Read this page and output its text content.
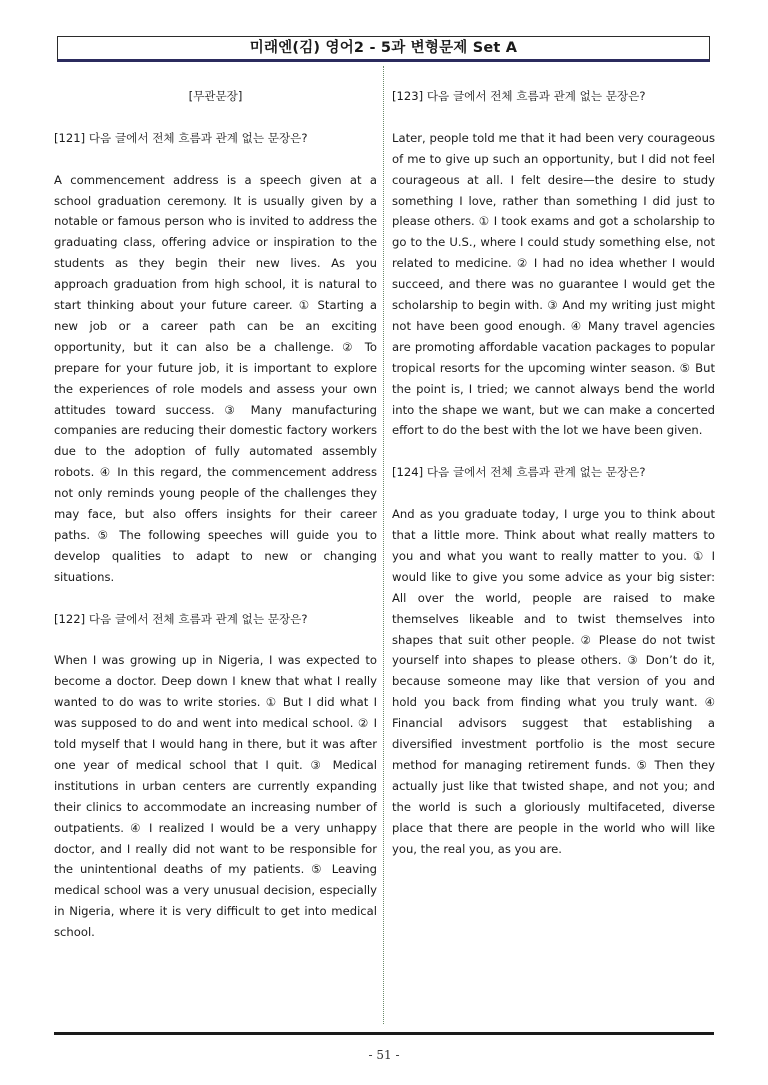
미래엔(김) 영어2 - 5과 변형문제 Set A
[무관문장]
[121] 다음 글에서 전체 흐름과 관계 없는 문장은?
A commencement address is a speech given at a school graduation ceremony. It is usually given by a notable or famous person who is invited to address the graduating class, offering advice or inspiration to the students as they begin their new lives. As you approach graduation from high school, it is natural to start thinking about your future career. ① Starting a new job or a career path can be an exciting opportunity, but it can also be a challenge. ② To prepare for your future job, it is important to explore the experiences of role models and assess your own attitudes toward success. ③ Many manufacturing companies are reducing their domestic factory workers due to the adoption of fully automated assembly robots. ④ In this regard, the commencement address not only reminds young people of the challenges they may face, but also offers insights for their career paths. ⑤ The following speeches will guide you to develop qualities to adapt to new or changing situations.
[122] 다음 글에서 전체 흐름과 관계 없는 문장은?
When I was growing up in Nigeria, I was expected to become a doctor. Deep down I knew that what I really wanted to do was to write stories. ① But I did what I was supposed to do and went into medical school. ② I told myself that I would hang in there, but it was after one year of medical school that I quit. ③ Medical institutions in urban centers are currently expanding their clinics to accommodate an increasing number of outpatients. ④ I realized I would be a very unhappy doctor, and I really did not want to be responsible for the unintentional deaths of my patients. ⑤ Leaving medical school was a very unusual decision, especially in Nigeria, where it is very difficult to get into medical school.
[123] 다음 글에서 전체 흐름과 관계 없는 문장은?
Later, people told me that it had been very courageous of me to give up such an opportunity, but I did not feel courageous at all. I felt desire—the desire to study something I love, rather than something I did just to please others. ① I took exams and got a scholarship to go to the U.S., where I could study something else, not related to medicine. ② I had no idea whether I would succeed, and there was no guarantee I would get the scholarship to begin with. ③ And my writing just might not have been good enough. ④ Many travel agencies are promoting affordable vacation packages to popular tropical resorts for the upcoming winter season. ⑤ But the point is, I tried; we cannot always bend the world into the shape we want, but we can make a concerted effort to do the best with the lot we have been given.
[124] 다음 글에서 전체 흐름과 관계 없는 문장은?
And as you graduate today, I urge you to think about that a little more. Think about what really matters to you and what you want to really matter to you. ① I would like to give you some advice as your big sister: All over the world, people are raised to make themselves likeable and to twist themselves into shapes that suit other people. ② Please do not twist yourself into shapes to please others. ③ Don’t do it, because someone may like that version of you and hold you back from finding what you truly want. ④ Financial advisors suggest that establishing a diversified investment portfolio is the most secure method for managing retirement funds. ⑤ Then they actually just like that twisted shape, and not you; and the world is such a gloriously multifaceted, diverse place that there are people in the world who will like you, the real you, as you are.
- 51 -
